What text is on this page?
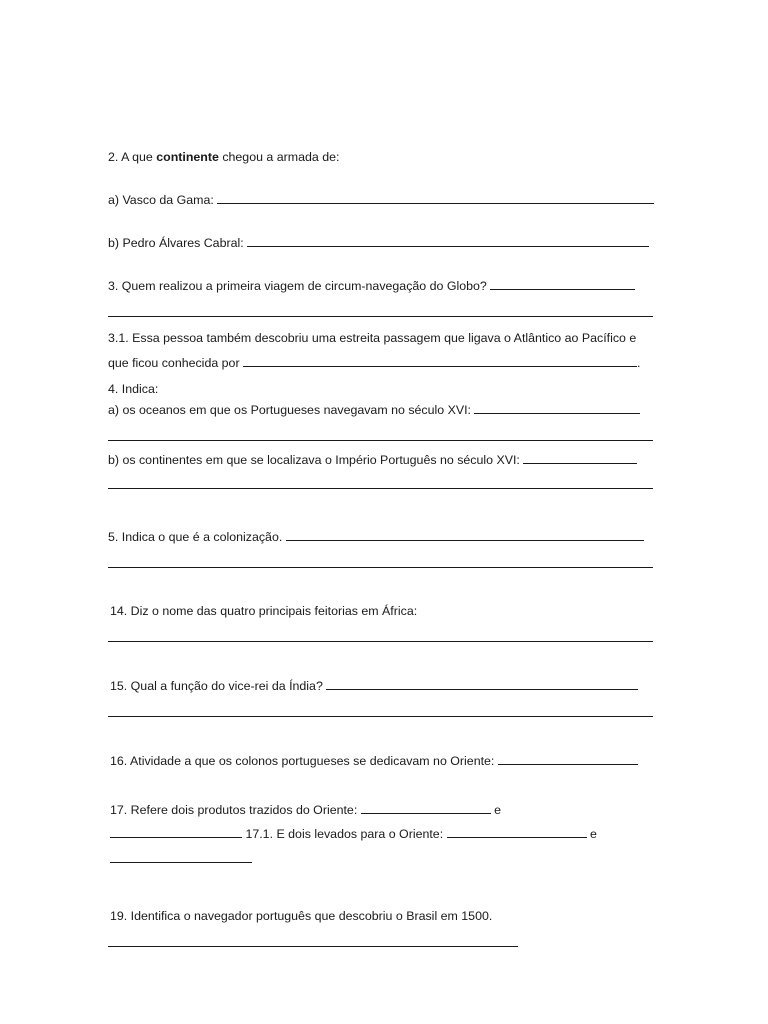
2. A que continente chegou a armada de:
a) Vasco da Gama:
b) Pedro Álvares Cabral:
3. Quem realizou a primeira viagem de circum-navegação do Globo?
3.1. Essa pessoa também descobriu uma estreita passagem que ligava o Atlântico ao Pacífico e
que ficou conhecida por	.
4. Indica:
a) os oceanos em que os Portugueses navegavam no século XVI:
b) os continentes em que se localizava o Império Português no século XVI:
5. Indica o que é a colonização.
14. Diz o nome das quatro principais feitorias em África:
15. Qual a função do vice-rei da Índia?
16. Atividade a que os colonos portugueses se dedicavam no Oriente:
17. Refere dois produtos trazidos do Oriente:	e
17.1. E dois levados para o Oriente:	e
19. Identifica o navegador português que descobriu o Brasil em 1500.
